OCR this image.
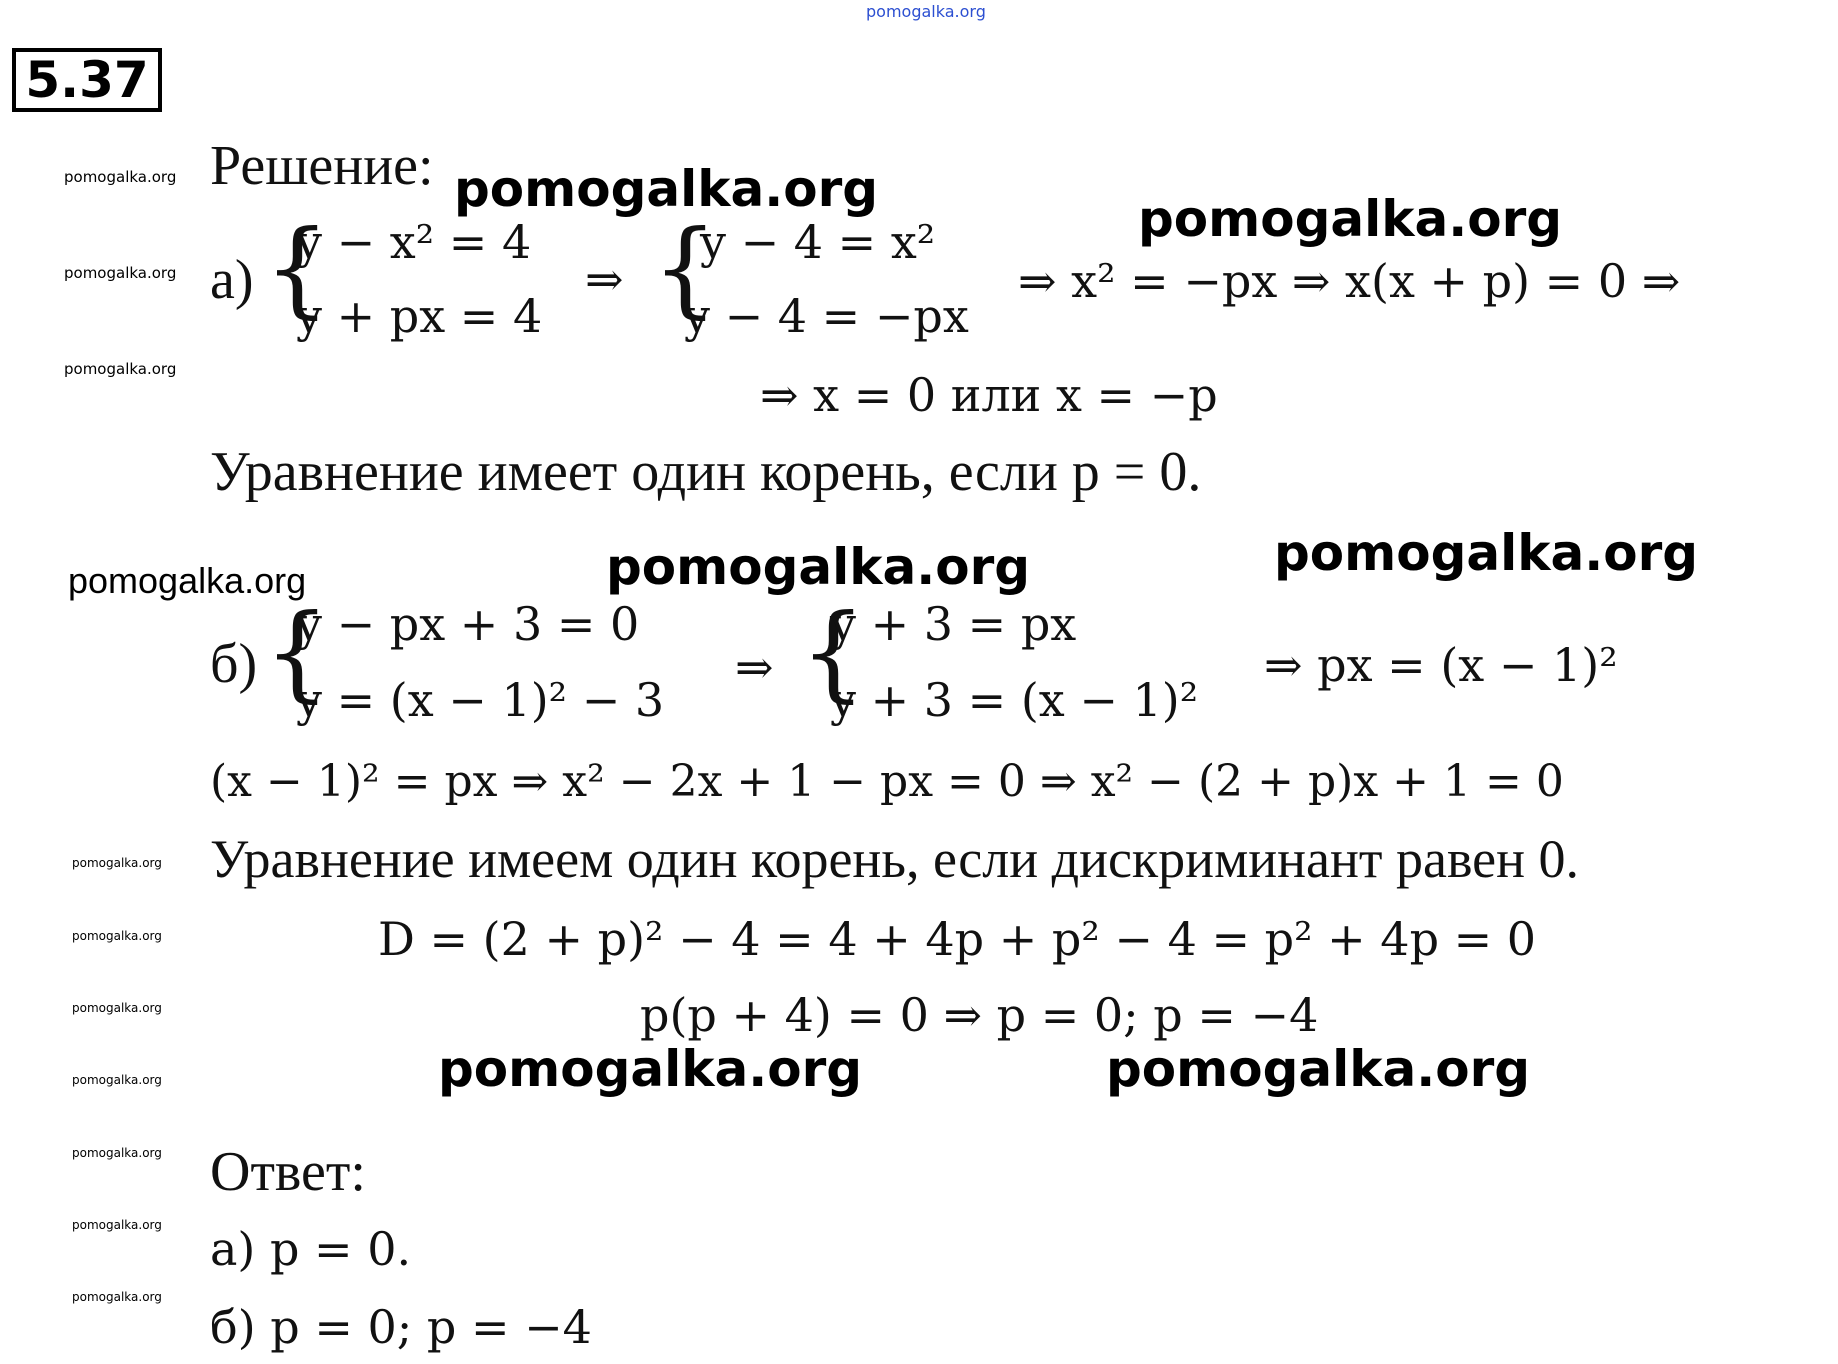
pomogalka.org
5.37
pomogalka.org
pomogalka.org
pomogalka.org
pomogalka.org
pomogalka.org
pomogalka.org
pomogalka.org
pomogalka.org
pomogalka.org
pomogalka.org
pomogalka.org
pomogalka.org
pomogalka.org	pomogalka.org
pomogalka.org	pomogalka.org
pomogalka.org
Решение:
а) {
y − x² = 4
y + px = 4
⇒ {
y − 4 = x²
y − 4 = −px
⇒ x² = −px ⇒ x(x + p) = 0 ⇒
⇒ x = 0 или x = −p
Уравнение имеет один корень, если p = 0.
б) {
y − px + 3 = 0
y = (x − 1)² − 3
⇒ {
y + 3 = px
y + 3 = (x − 1)²
⇒ px = (x − 1)²
(x − 1)² = px ⇒ x² − 2x + 1 − px = 0 ⇒ x² − (2 + p)x + 1 = 0
Уравнение имеем один корень, если дискриминант равен 0.
D = (2 + p)² − 4 = 4 + 4p + p² − 4 = p² + 4p = 0
p(p + 4) = 0 ⇒ p = 0; p = −4
Ответ:
а) p = 0.
б) p = 0; p = −4
